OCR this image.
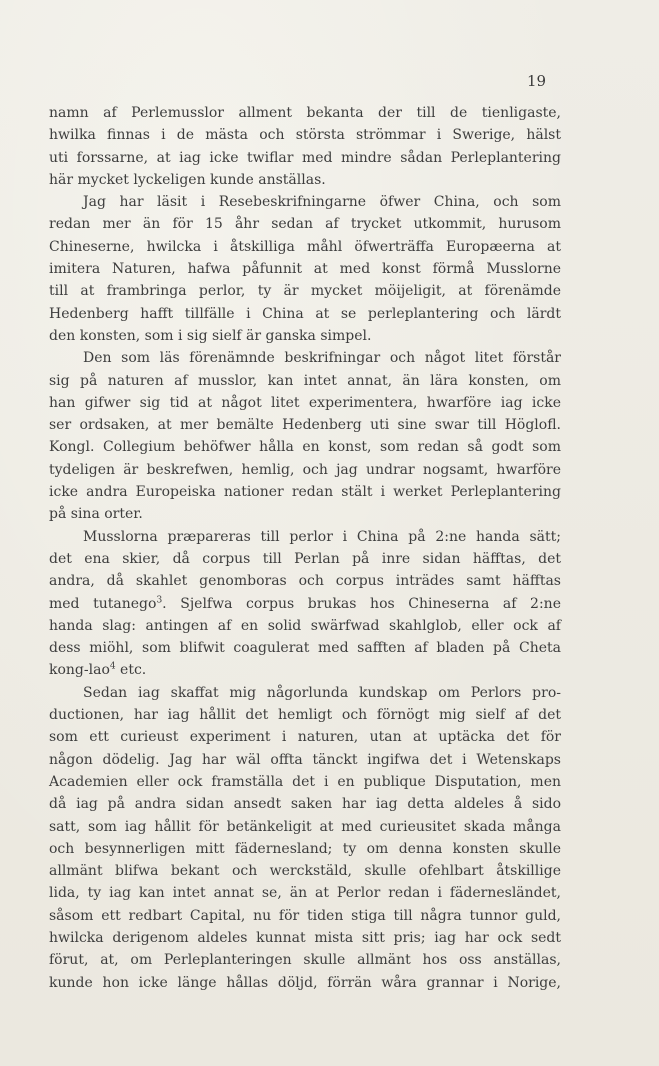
19
namn af Perlemusslor allment bekanta der till de tienligaste,
hwilka finnas i de mästa och största strömmar i Swerige, hälst
uti forssarne, at iag icke twiflar med mindre sådan Perleplantering
här mycket lyckeligen kunde anställas.
Jag har läsit i Resebeskrifningarne öfwer China, och som
redan mer än för 15 åhr sedan af trycket utkommit, hurusom
Chineserne, hwilcka i åtskilliga måhl öfwerträffa Europæerna at
imitera Naturen, hafwa påfunnit at med konst förmå Musslorne
till at frambringa perlor, ty är mycket möijeligit, at förenämde
Hedenberg hafft tillfälle i China at se perleplantering och lärdt
den konsten, som i sig sielf är ganska simpel.
Den som läs förenämnde beskrifningar och något litet förstår
sig på naturen af musslor, kan intet annat, än lära konsten, om
han gifwer sig tid at något litet experimentera, hwarföre iag icke
ser ordsaken, at mer bemälte Hedenberg uti sine swar till Höglofl.
Kongl. Collegium behöfwer hålla en konst, som redan så godt som
tydeligen är beskrefwen, hemlig, och jag undrar nogsamt, hwarföre
icke andra Europeiska nationer redan stält i werket Perleplantering
på sina orter.
Musslorna præpareras till perlor i China på 2:ne handa sätt;
det ena skier, då corpus till Perlan på inre sidan häfftas, det
andra, då skahlet genomboras och corpus inträdes samt häfftas
med tutanego$^3$. Sjelfwa corpus brukas hos Chineserna af 2:ne
handa slag: antingen af en solid swärfwad skahlglob, eller ock af
dess miöhl, som blifwit coagulerat med safften af bladen på Cheta
kong-lao$^4$ etc.
Sedan iag skaffat mig någorlunda kundskap om Perlors pro-
ductionen, har iag hållit det hemligt och förnögt mig sielf af det
som ett curieust experiment i naturen, utan at uptäcka det för
någon dödelig. Jag har wäl offta tänckt ingifwa det i Wetenskaps
Academien eller ock framställa det i en publique Disputation, men
då iag på andra sidan ansedt saken har iag detta aldeles å sido
satt, som iag hållit för betänkeligit at med curieusitet skada många
och besynnerligen mitt fädernesland; ty om denna konsten skulle
allmänt blifwa bekant och werckstäld, skulle ofehlbart åtskillige
lida, ty iag kan intet annat se, än at Perlor redan i fädernesländet,
såsom ett redbart Capital, nu för tiden stiga till några tunnor guld,
hwilcka derigenom aldeles kunnat mista sitt pris; iag har ock sedt
förut, at, om Perleplanteringen skulle allmänt hos oss anställas,
kunde hon icke länge hållas döljd, förrän wåra grannar i Norige,
